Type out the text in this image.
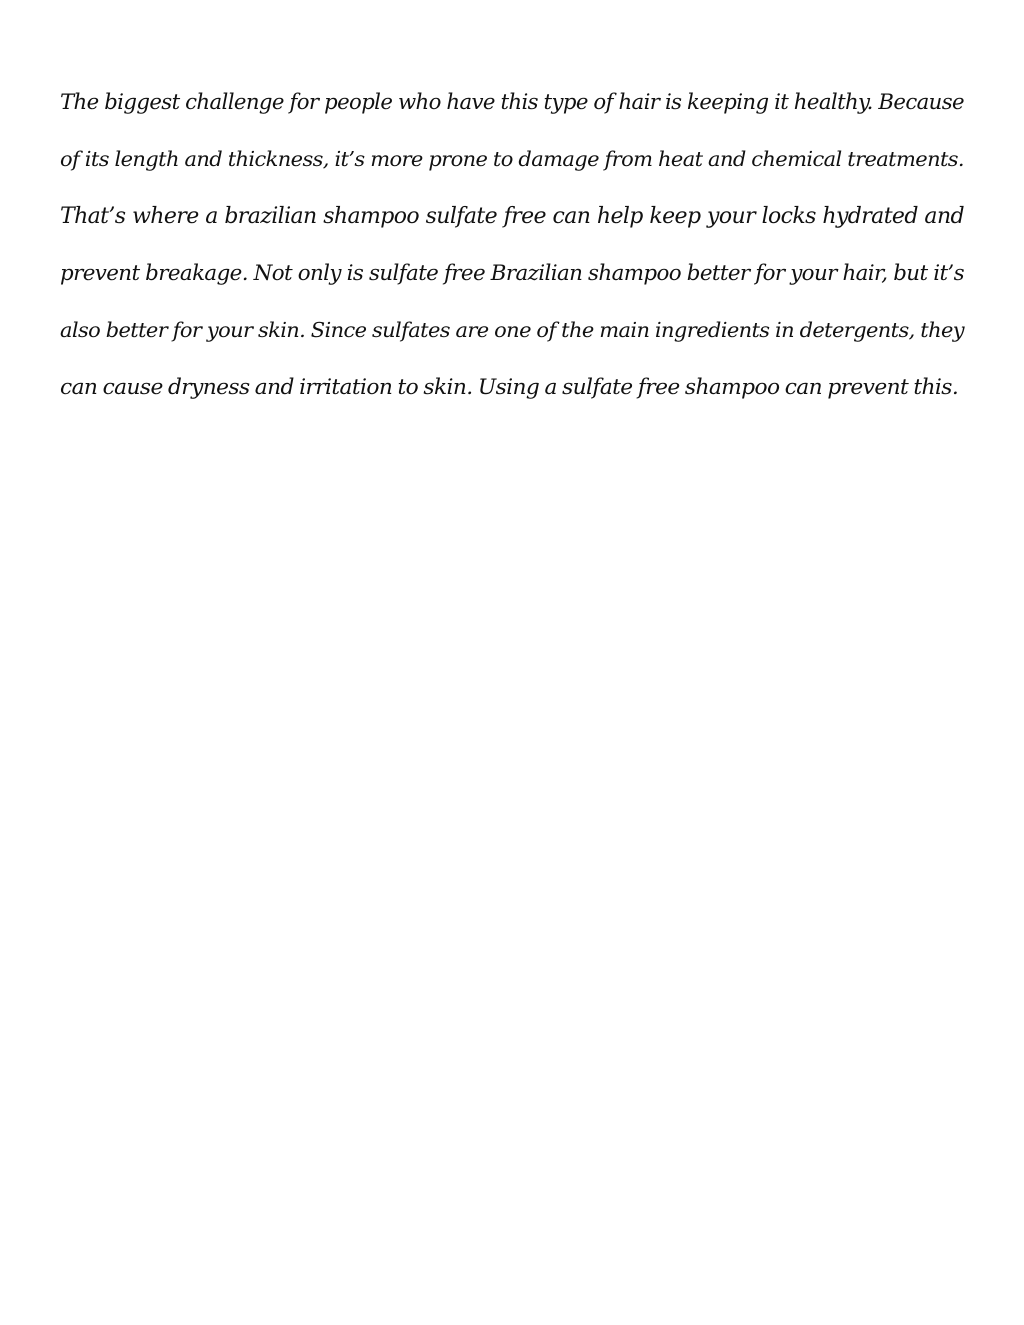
The biggest challenge for people who have this type of hair is keeping it healthy. Because
of its length and thickness, it’s more prone to damage from heat and chemical treatments.
That’s where a brazilian shampoo sulfate free can help keep your locks hydrated and
prevent breakage. Not only is sulfate free Brazilian shampoo better for your hair, but it’s
also better for your skin. Since sulfates are one of the main ingredients in detergents, they
can cause dryness and irritation to skin. Using a sulfate free shampoo can prevent this.
